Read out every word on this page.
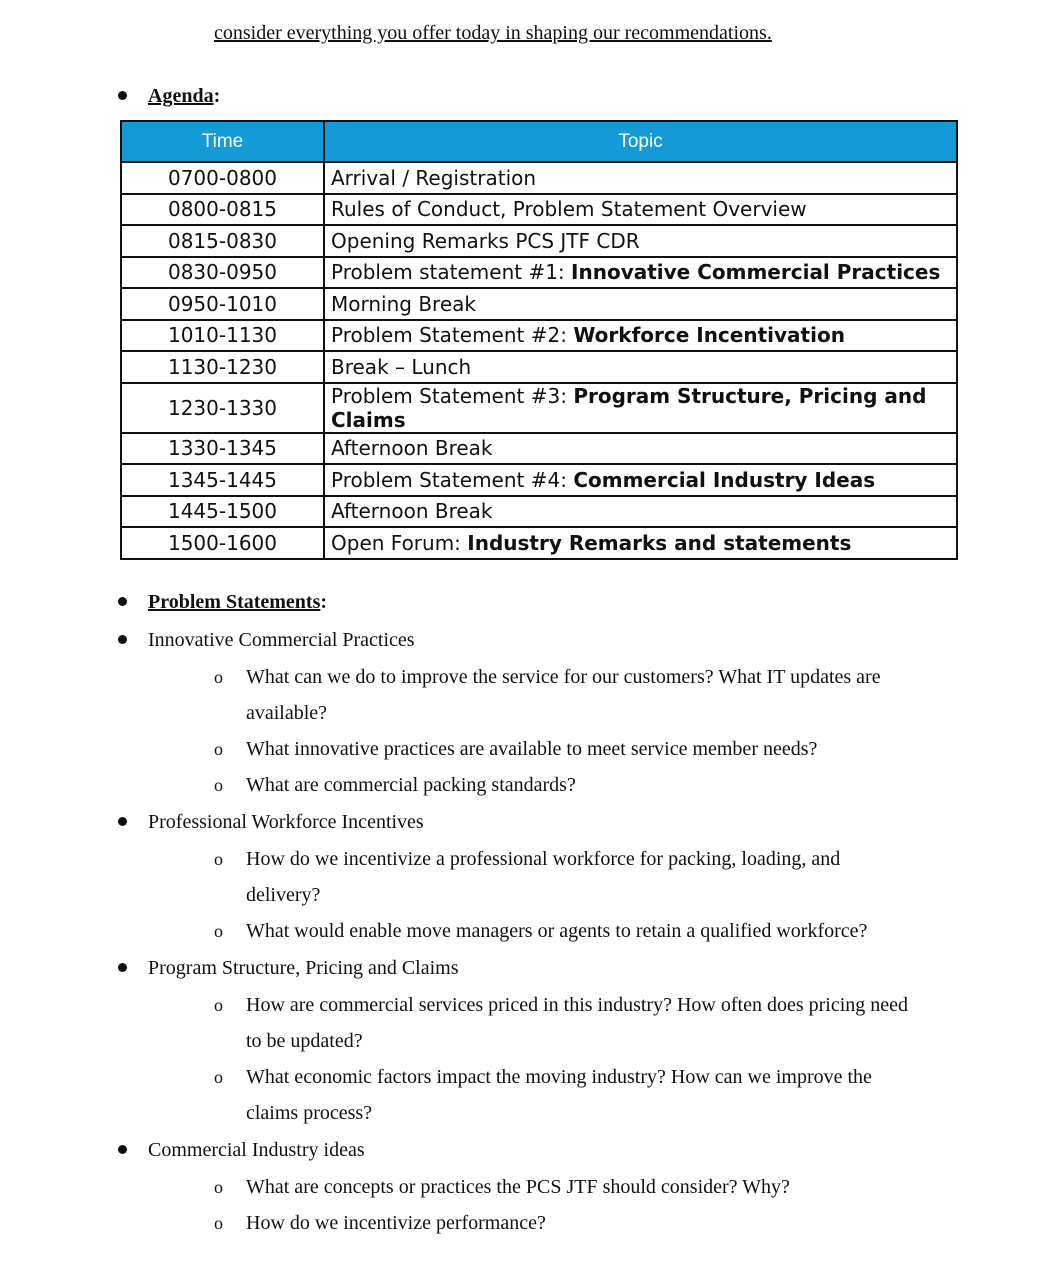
consider everything you offer today in shaping our recommendations.
Agenda:
Time	Topic
0700-0800	Arrival / Registration
0800-0815	Rules of Conduct, Problem Statement Overview
0815-0830	Opening Remarks PCS JTF CDR
0830-0950	Problem statement #1: Innovative Commercial Practices
0950-1010	Morning Break
1010-1130	Problem Statement #2: Workforce Incentivation
1130-1230	Break – Lunch
1230-1330	Problem Statement #3: Program Structure, Pricing and Claims
1330-1345	Afternoon Break
1345-1445	Problem Statement #4: Commercial Industry Ideas
1445-1500	Afternoon Break
1500-1600	Open Forum: Industry Remarks and statements
Problem Statements:
Innovative Commercial Practices
o What can we do to improve the service for our customers? What IT updates are available?
o What innovative practices are available to meet service member needs?
o What are commercial packing standards?
Professional Workforce Incentives
o How do we incentivize a professional workforce for packing, loading, and delivery?
o What would enable move managers or agents to retain a qualified workforce?
Program Structure, Pricing and Claims
o How are commercial services priced in this industry? How often does pricing need to be updated?
o What economic factors impact the moving industry? How can we improve the claims process?
Commercial Industry ideas
o What are concepts or practices the PCS JTF should consider? Why?
o How do we incentivize performance?
